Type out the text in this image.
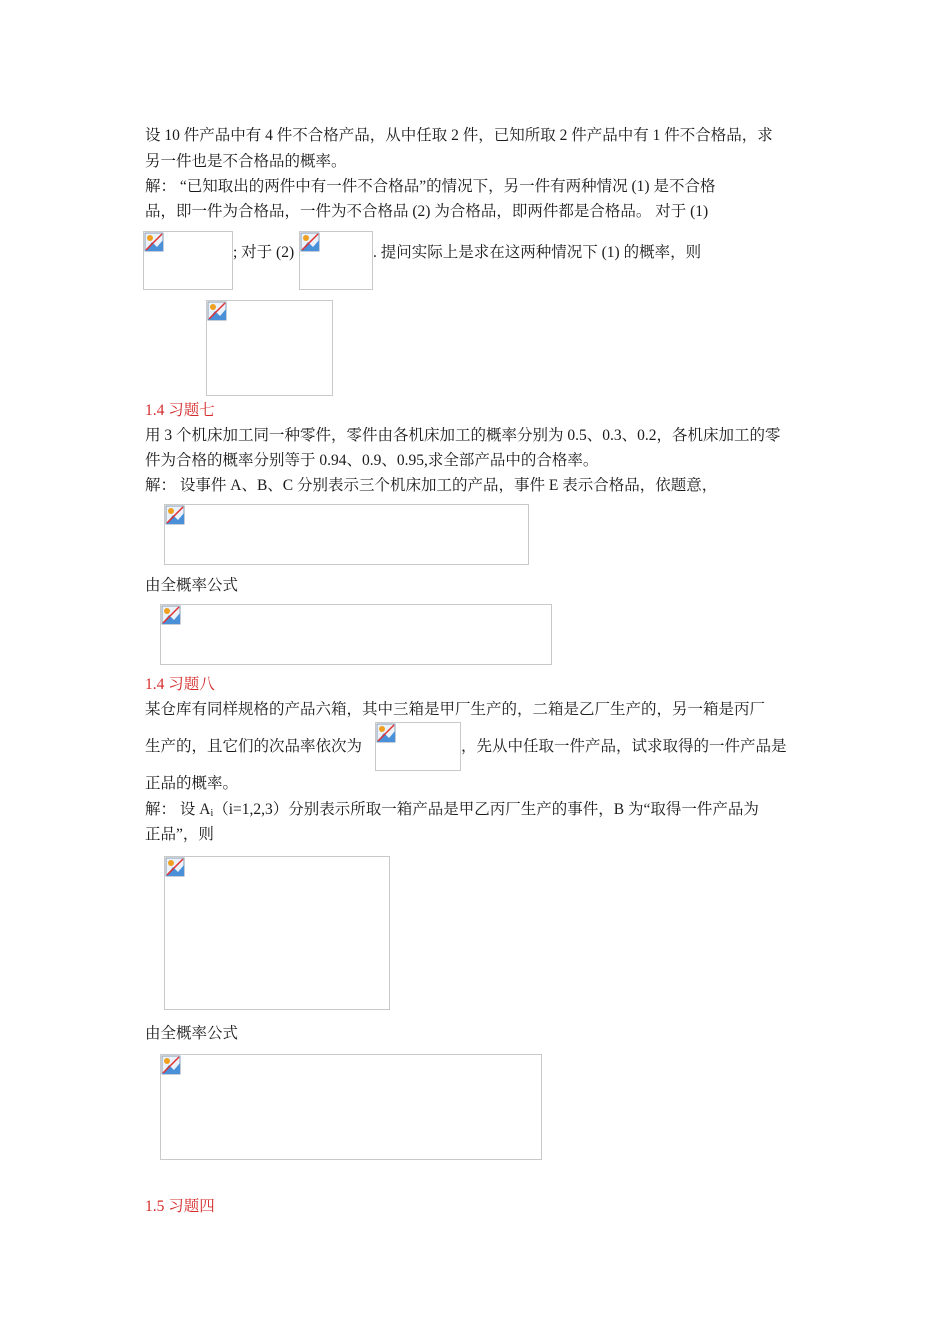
设 10 件产品中有 4 件不合格产品，从中任取 2 件，已知所取 2 件产品中有 1 件不合格品，求
另一件也是不合格品的概率。
解： “已知取出的两件中有一件不合格品”的情况下，另一件有两种情况 (1) 是不合格
品，即一件为合格品，一件为不合格品 (2) 为合格品，即两件都是合格品。 对于 (1)
; 对于 (2)	. 提问实际上是求在这两种情况下 (1) 的概率，则
1.4 习题七
用 3 个机床加工同一种零件，零件由各机床加工的概率分别为 0.5、0.3、0.2，各机床加工的零
件为合格的概率分别等于 0.94、0.9、0.95,求全部产品中的合格率。
解： 设事件 A、B、C 分别表示三个机床加工的产品，事件 E 表示合格品，依题意，
由全概率公式
1.4 习题八
某仓库有同样规格的产品六箱，其中三箱是甲厂生产的，二箱是乙厂生产的，另一箱是丙厂
生产的，且它们的次品率依次为	，先从中任取一件产品，试求取得的一件产品是
正品的概率。
解： 设 $A_i(i=1,2,3)$分别表示所取一箱产品是甲乙丙厂生产的事件，B 为“取得一件产品为
正品”，则
由全概率公式
1.5 习题四
